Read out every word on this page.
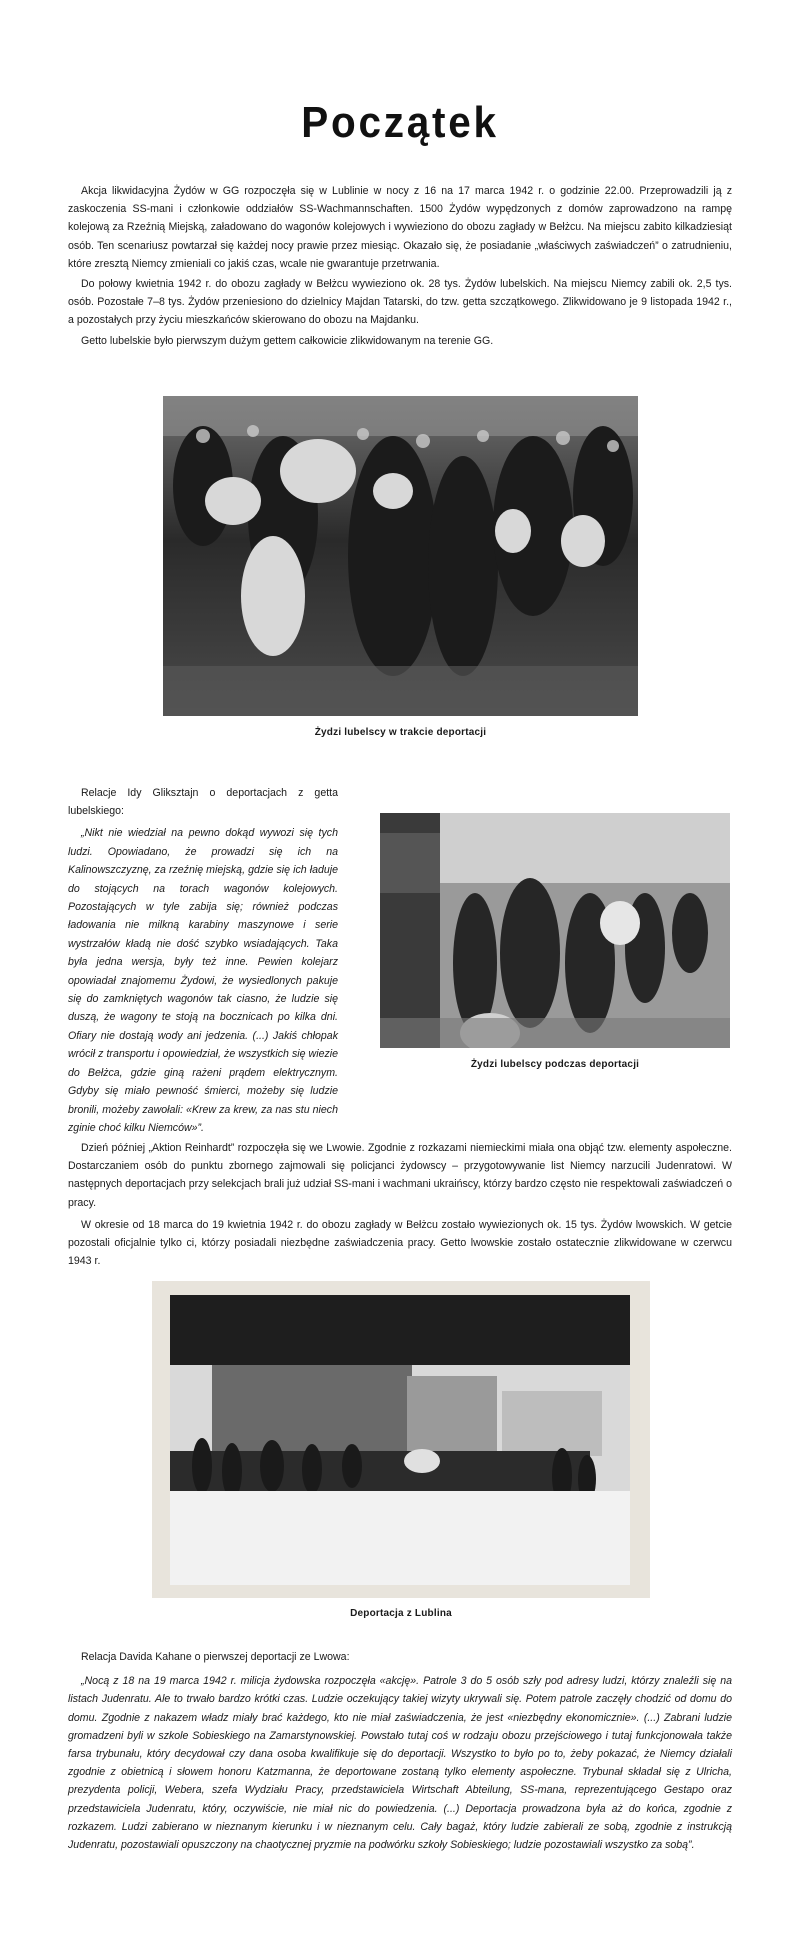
Początek

Akcja likwidacyjna Żydów w GG rozpoczęła się w Lublinie w nocy z 16 na 17 marca 1942 r. o godzinie 22.00. Przeprowadzili ją z zaskoczenia SS-mani i członkowie oddziałów SS-Wachmannschaften. 1500 Żydów wypędzonych z domów zaprowadzono na rampę kolejową za Rzeźnią Miejską, załadowano do wagonów kolejowych i wywieziono do obozu zagłady w Bełżcu. Na miejscu zabito kilkadziesiąt osób. Ten scenariusz powtarzał się każdej nocy prawie przez miesiąc. Okazało się, że posiadanie „właściwych zaświadczeń” o zatrudnieniu, które zresztą Niemcy zmieniali co jakiś czas, wcale nie gwarantuje przetrwania.

Do połowy kwietnia 1942 r. do obozu zagłady w Bełżcu wywieziono ok. 28 tys. Żydów lubelskich. Na miejscu Niemcy zabili ok. 2,5 tys. osób. Pozostałe 7–8 tys. Żydów przeniesiono do dzielnicy Majdan Tatarski, do tzw. getta szczątkowego. Zlikwidowano je 9 listopada 1942 r., a pozostałych przy życiu mieszkańców skierowano do obozu na Majdanku.

Getto lubelskie było pierwszym dużym gettem całkowicie zlikwidowanym na terenie GG.

Żydzi lubelscy w trakcie deportacji

Relacje Idy Gliksztajn o deportacjach z getta lubelskiego:

„Nikt nie wiedział na pewno dokąd wywozi się tych ludzi. Opowiadano, że prowadzi się ich na Kalinowszczyznę, za rzeźnię miejską, gdzie się ich ładuje do stojących na torach wagonów kolejowych. Pozostających w tyle zabija się; również podczas ładowania nie milkną karabiny maszynowe i serie wystrzałów kładą nie dość szybko wsiadających. Taka była jedna wersja, były też inne. Pewien kolejarz opowiadał znajomemu Żydowi, że wysiedlonych pakuje się do zamkniętych wagonów tak ciasno, że ludzie się duszą, że wagony te stoją na bocznicach po kilka dni. Ofiary nie dostają wody ani jedzenia. (...) Jakiś chłopak wrócił z transportu i opowiedział, że wszystkich się wiezie do Bełżca, gdzie giną rażeni prądem elektrycznym. Gdyby się miało pewność śmierci, możeby się ludzie bronili, możeby zawołali: «Krew za krew, za nas stu niech zginie choć kilku Niemców»”.

Żydzi lubelscy podczas deportacji

Dzień później „Aktion Reinhardt” rozpoczęła się we Lwowie. Zgodnie z rozkazami niemieckimi miała ona objąć tzw. elementy aspołeczne. Dostarczaniem osób do punktu zbornego zajmowali się policjanci żydowscy – przygotowywanie list Niemcy narzucili Judenratowi. W następnych deportacjach przy selekcjach brali już udział SS-mani i wachmani ukraińscy, którzy bardzo często nie respektowali zaświadczeń o pracy.

W okresie od 18 marca do 19 kwietnia 1942 r. do obozu zagłady w Bełżcu zostało wywiezionych ok. 15 tys. Żydów lwowskich. W getcie pozostali oficjalnie tylko ci, którzy posiadali niezbędne zaświadczenia pracy. Getto lwowskie zostało ostatecznie zlikwidowane w czerwcu 1943 r.

Deportacja z Lublina

Relacja Davida Kahane o pierwszej deportacji ze Lwowa:

„Nocą z 18 na 19 marca 1942 r. milicja żydowska rozpoczęła «akcję». Patrole 3 do 5 osób szły pod adresy ludzi, którzy znaleźli się na listach Judenratu. Ale to trwało bardzo krótki czas. Ludzie oczekujący takiej wizyty ukrywali się. Potem patrole zaczęły chodzić od domu do domu. Zgodnie z nakazem władz miały brać każdego, kto nie miał zaświadczenia, że jest «niezbędny ekonomicznie». (...) Zabrani ludzie gromadzeni byli w szkole Sobieskiego na Zamarstynowskiej. Powstało tutaj coś w rodzaju obozu przejściowego i tutaj funkcjonowała także farsa trybunału, który decydował czy dana osoba kwalifikuje się do deportacji. Wszystko to było po to, żeby pokazać, że Niemcy działali zgodnie z obietnicą i słowem honoru Katzmanna, że deportowane zostaną tylko elementy aspołeczne. Trybunał składał się z Ulricha, prezydenta policji, Webera, szefa Wydziału Pracy, przedstawiciela Wirtschaft Abteilung, SS-mana, reprezentującego Gestapo oraz przedstawiciela Judenratu, który, oczywiście, nie miał nic do powiedzenia. (...) Deportacja prowadzona była aż do końca, zgodnie z rozkazem. Ludzi zabierano w nieznanym kierunku i w nieznanym celu. Cały bagaż, który ludzie zabierali ze sobą, zgodnie z instrukcją Judenratu, pozostawiali opuszczony na chaotycznej pryzmie na podwórku szkoły Sobieskiego; ludzie pozostawiali wszystko za sobą”.
